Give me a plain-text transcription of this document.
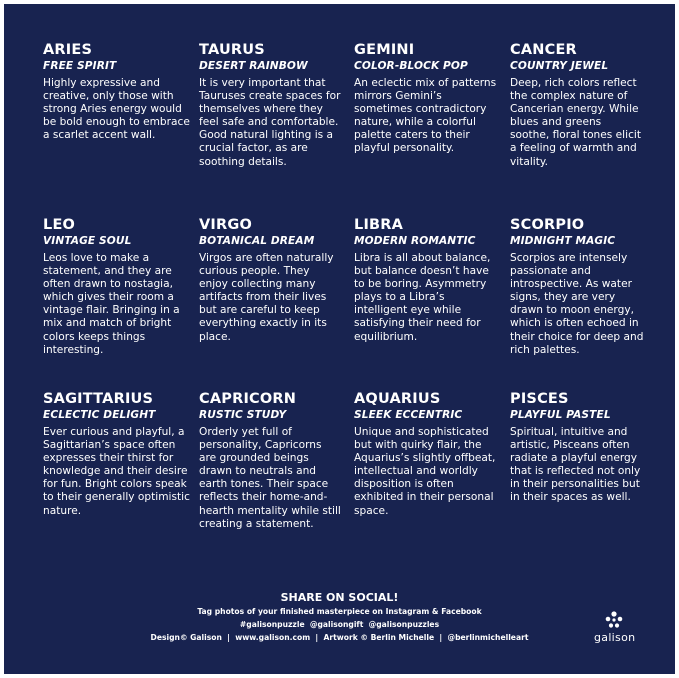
ARIES

FREE SPIRIT

Highly expressive and creative, only those with strong Aries energy would be bold enough to embrace a scarlet accent wall.

TAURUS

DESERT RAINBOW

It is very important that Tauruses create spaces for themselves where they feel safe and comfortable. Good natural lighting is a crucial factor, as are soothing details.

GEMINI

COLOR-BLOCK POP

An eclectic mix of patterns mirrors Gemini’s sometimes contradictory nature, while a colorful palette caters to their playful personality.

CANCER

COUNTRY JEWEL

Deep, rich colors reflect the complex nature of Cancerian energy. While blues and greens soothe, floral tones elicit a feeling of warmth and vitality.

LEO

VINTAGE SOUL

Leos love to make a statement, and they are often drawn to nostagia, which gives their room a vintage flair. Bringing in a mix and match of bright colors keeps things interesting.

VIRGO

BOTANICAL DREAM

Virgos are often naturally curious people. They enjoy collecting many artifacts from their lives but are careful to keep everything exactly in its place.

LIBRA

MODERN ROMANTIC

Libra is all about balance, but balance doesn’t have to be boring. Asymmetry plays to a Libra’s intelligent eye while satisfying their need for equilibrium.

SCORPIO

MIDNIGHT MAGIC

Scorpios are intensely passionate and introspective. As water signs, they are very drawn to moon energy, which is often echoed in their choice for deep and rich palettes.

SAGITTARIUS

ECLECTIC DELIGHT

Ever curious and playful, a Sagittarian’s space often expresses their thirst for knowledge and their desire for fun. Bright colors speak to their generally optimistic nature.

CAPRICORN

RUSTIC STUDY

Orderly yet full of personality, Capricorns are grounded beings drawn to neutrals and earth tones. Their space reflects their home-and-hearth mentality while still creating a statement.

AQUARIUS

SLEEK ECCENTRIC

Unique and sophisticated but with quirky flair, the Aquarius’s slightly offbeat, intellectual and worldly disposition is often exhibited in their personal space.

PISCES

PLAYFUL PASTEL

Spiritual, intuitive and artistic, Pisceans often radiate a playful energy that is reflected not only in their personalities but in their spaces as well.

SHARE ON SOCIAL!

Tag photos of your finished masterpiece on Instagram & Facebook

#galisonpuzzle  @galisongift  @galisonpuzzles

Design© Galison  |  www.galison.com  |  Artwork © Berlin Michelle  |  @berlinmichelleart	galison
